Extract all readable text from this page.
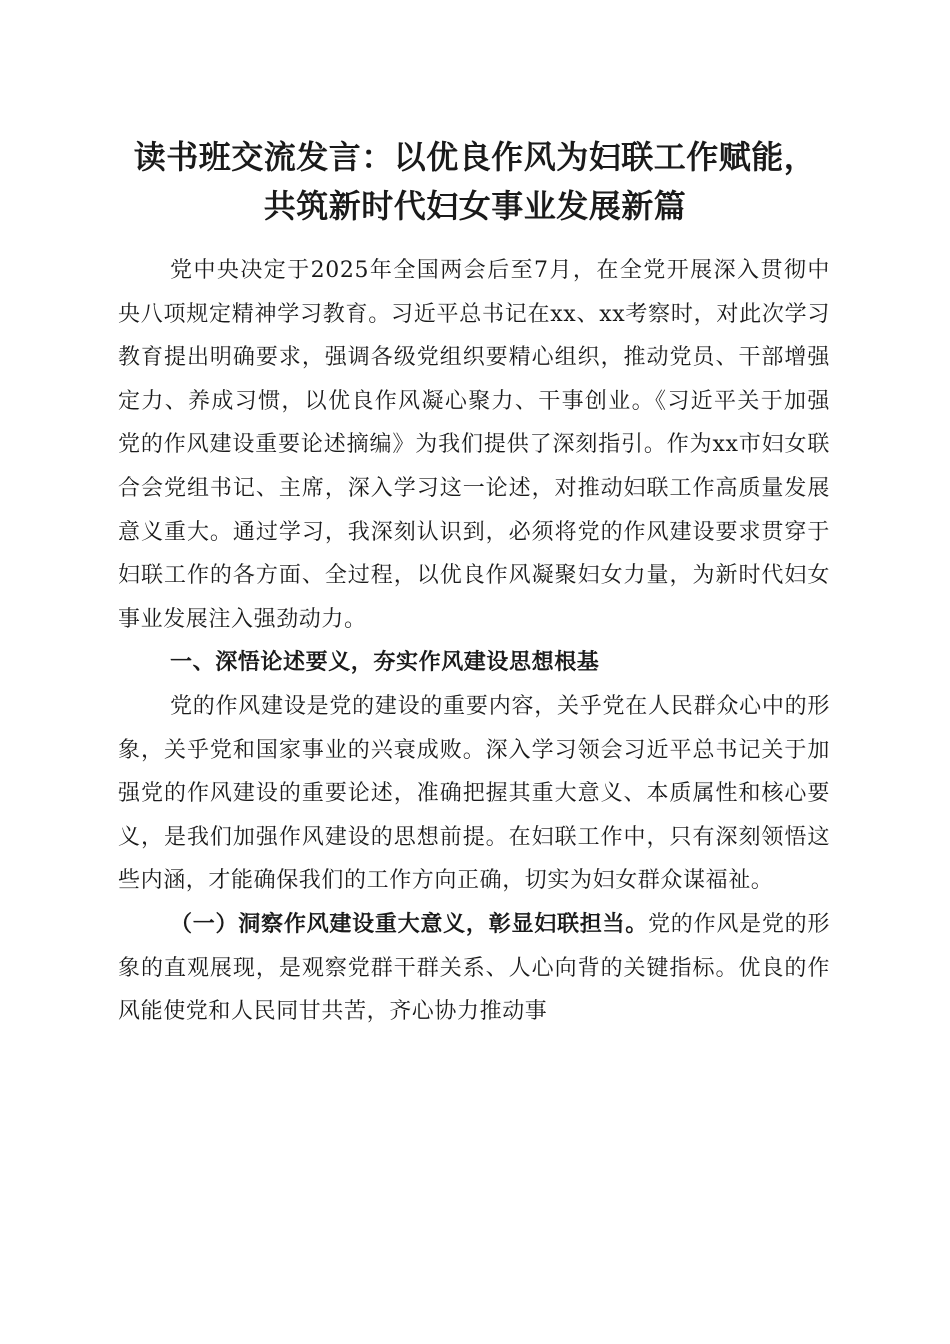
读书班交流发言：以优良作风为妇联工作赋能，
共筑新时代妇女事业发展新篇

党中央决定于2025年全国两会后至7月，在全党开展深入贯彻中央八项规定精神学习教育。习近平总书记在xx、xx考察时，对此次学习教育提出明确要求，强调各级党组织要精心组织，推动党员、干部增强定力、养成习惯，以优良作风凝心聚力、干事创业。《习近平关于加强党的作风建设重要论述摘编》为我们提供了深刻指引。作为xx市妇女联合会党组书记、主席，深入学习这一论述，对推动妇联工作高质量发展意义重大。通过学习，我深刻认识到，必须将党的作风建设要求贯穿于妇联工作的各方面、全过程，以优良作风凝聚妇女力量，为新时代妇女事业发展注入强劲动力。

一、深悟论述要义，夯实作风建设思想根基

党的作风建设是党的建设的重要内容，关乎党在人民群众心中的形象，关乎党和国家事业的兴衰成败。深入学习领会习近平总书记关于加强党的作风建设的重要论述，准确把握其重大意义、本质属性和核心要义，是我们加强作风建设的思想前提。在妇联工作中，只有深刻领悟这些内涵，才能确保我们的工作方向正确，切实为妇女群众谋福祉。

（一）洞察作风建设重大意义，彰显妇联担当。党的作风是党的形象的直观展现，是观察党群干群关系、人心向背的关键指标。优良的作风能使党和人民同甘共苦，齐心协力推动事
